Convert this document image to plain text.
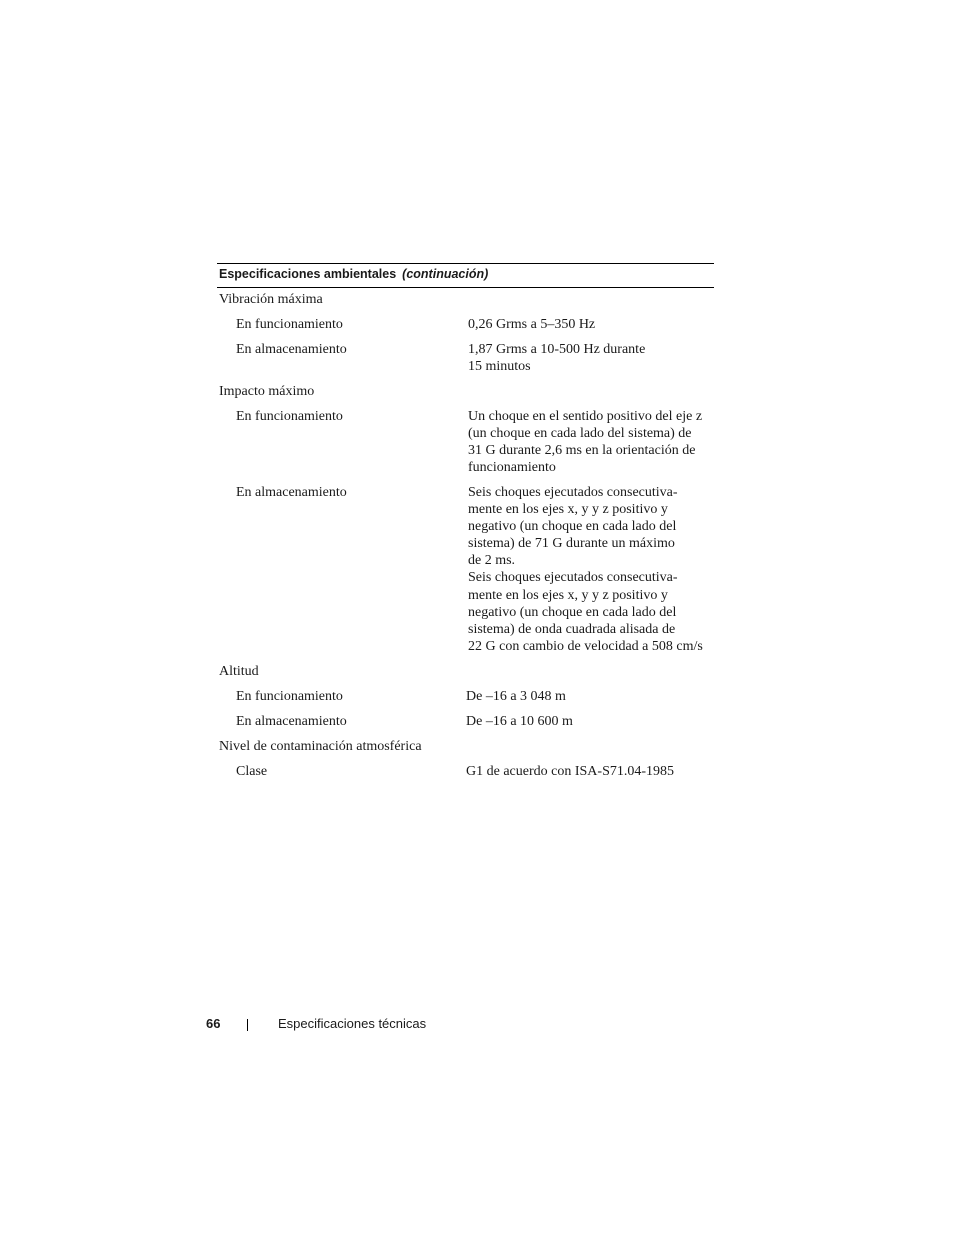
Especificaciones ambientales (continuación)
Vibración máxima
En funcionamiento	0,26 Grms a 5–350 Hz
En almacenamiento	1,87 Grms a 10-500 Hz durante
15 minutos
Impacto máximo
En funcionamiento	Un choque en el sentido positivo del eje z
(un choque en cada lado del sistema) de
31 G durante 2,6 ms en la orientación de
funcionamiento
En almacenamiento	Seis choques ejecutados consecutiva-
mente en los ejes x, y y z positivo y
negativo (un choque en cada lado del
sistema) de 71 G durante un máximo
de 2 ms.
Seis choques ejecutados consecutiva-
mente en los ejes x, y y z positivo y
negativo (un choque en cada lado del
sistema) de onda cuadrada alisada de
22 G con cambio de velocidad a 508 cm/s
Altitud
En funcionamiento	De –16 a 3 048 m
En almacenamiento	De –16 a 10 600 m
Nivel de contaminación atmosférica
Clase	G1 de acuerdo con ISA-S71.04-1985
66	Especificaciones técnicas
